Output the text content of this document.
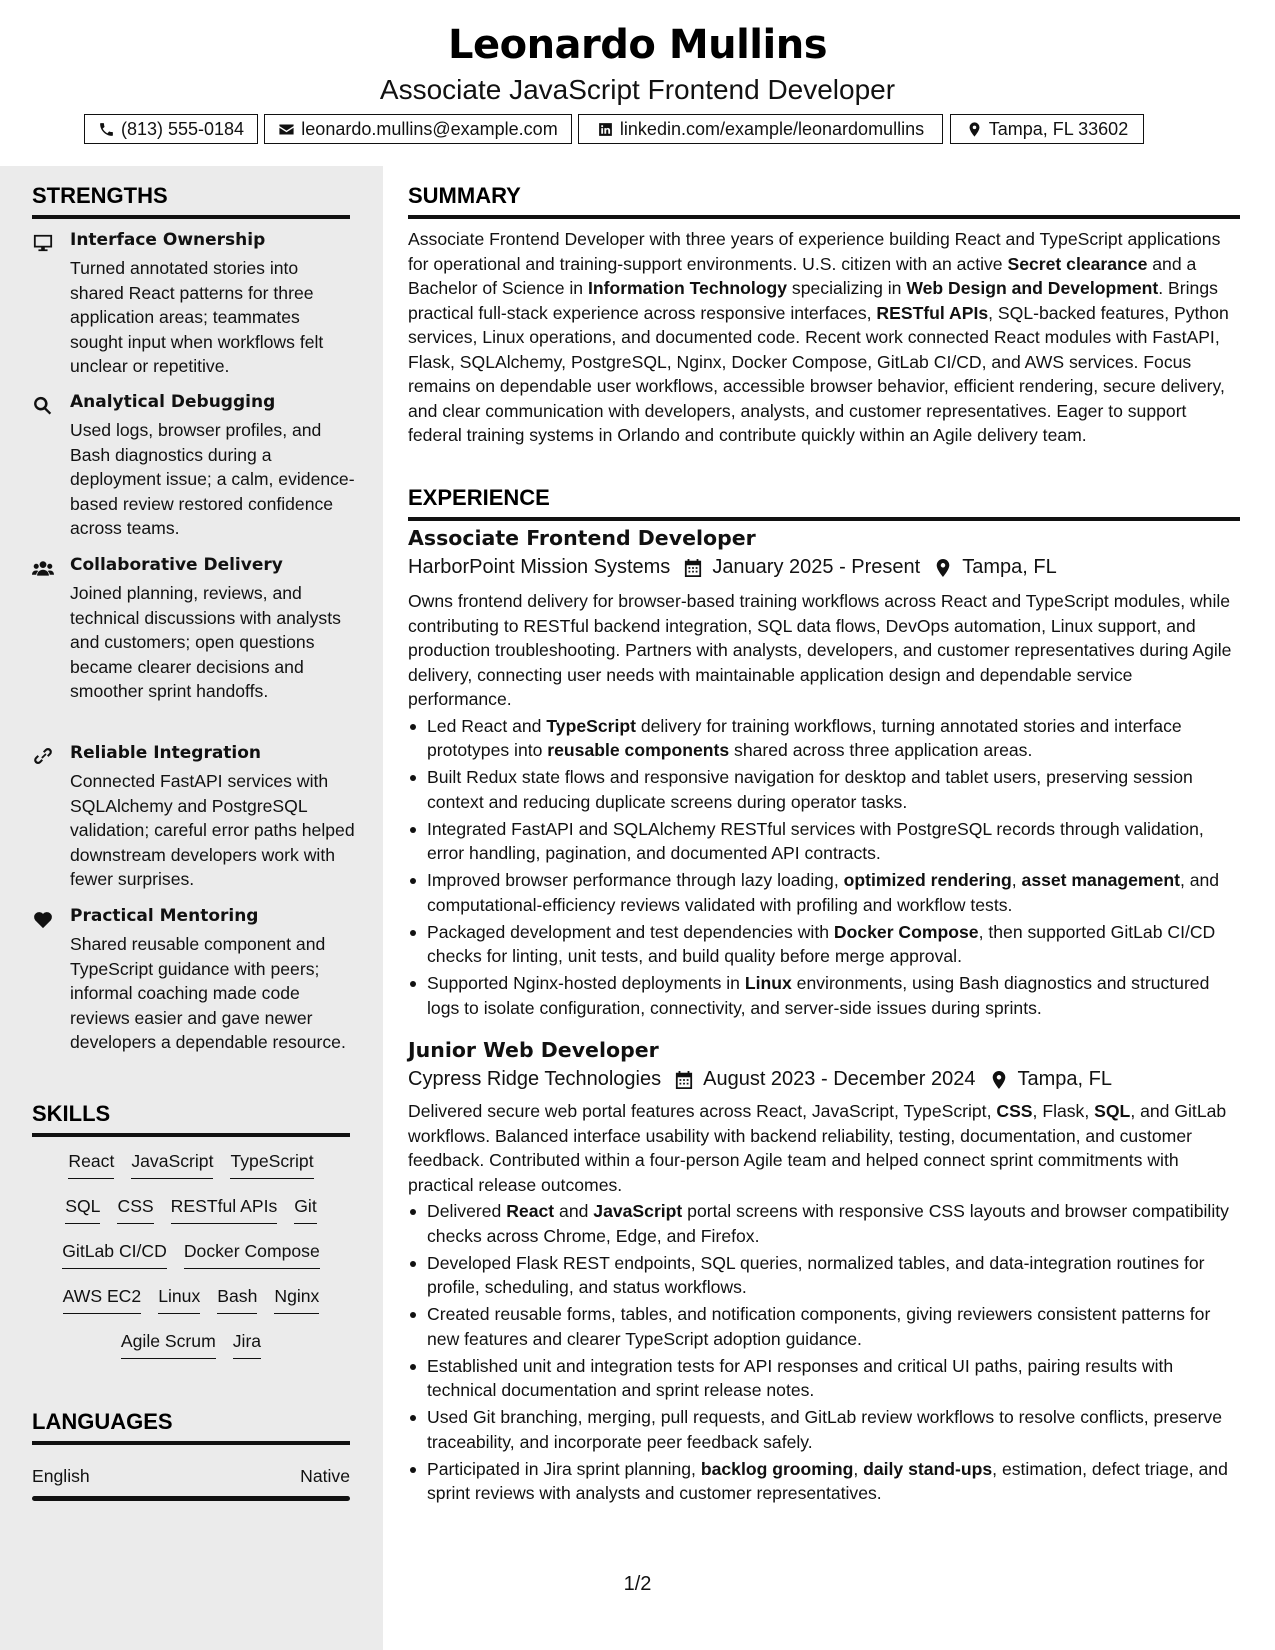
Leonardo Mullins
Associate JavaScript Frontend Developer
(813) 555-0184	leonardo.mullins@example.com	linkedin.com/example/leonardomullins	Tampa, FL 33602
STRENGTHS
Interface Ownership
Turned annotated stories into shared React patterns for three application areas; teammates sought input when workflows felt unclear or repetitive.
Analytical Debugging
Used logs, browser profiles, and Bash diagnostics during a deployment issue; a calm, evidence-based review restored confidence across teams.
Collaborative Delivery
Joined planning, reviews, and technical discussions with analysts and customers; open questions became clearer decisions and smoother sprint handoffs.
Reliable Integration
Connected FastAPI services with SQLAlchemy and PostgreSQL validation; careful error paths helped downstream developers work with fewer surprises.
Practical Mentoring
Shared reusable component and TypeScript guidance with peers; informal coaching made code reviews easier and gave newer developers a dependable resource.
SKILLS
React JavaScript TypeScript
SQL CSS RESTful APIs Git
GitLab CI/CD Docker Compose
AWS EC2 Linux Bash Nginx
Agile Scrum Jira
LANGUAGES
English	Native
SUMMARY

Associate Frontend Developer with three years of experience building React and TypeScript applications for operational and training-support environments. U.S. citizen with an active Secret clearance and a Bachelor of Science in Information Technology specializing in Web Design and Development. Brings practical full-stack experience across responsive interfaces, RESTful APIs, SQL-backed features, Python services, Linux operations, and documented code. Recent work connected React modules with FastAPI, Flask, SQLAlchemy, PostgreSQL, Nginx, Docker Compose, GitLab CI/CD, and AWS services. Focus remains on dependable user workflows, accessible browser behavior, efficient rendering, secure delivery, and clear communication with developers, analysts, and customer representatives. Eager to support federal training systems in Orlando and contribute quickly within an Agile delivery team.

EXPERIENCE
Associate Frontend Developer
HarborPoint Mission Systems January 2025 - Present Tampa, FL

Owns frontend delivery for browser-based training workflows across React and TypeScript modules, while contributing to RESTful backend integration, SQL data flows, DevOps automation, Linux support, and production troubleshooting. Partners with analysts, developers, and customer representatives during Agile delivery, connecting user needs with maintainable application design and dependable service performance.

Led React and TypeScript delivery for training workflows, turning annotated stories and interface prototypes into reusable components shared across three application areas.
Built Redux state flows and responsive navigation for desktop and tablet users, preserving session context and reducing duplicate screens during operator tasks.
Integrated FastAPI and SQLAlchemy RESTful services with PostgreSQL records through validation, error handling, pagination, and documented API contracts.
Improved browser performance through lazy loading, optimized rendering, asset management, and computational-efficiency reviews validated with profiling and workflow tests.
Packaged development and test dependencies with Docker Compose, then supported GitLab CI/CD checks for linting, unit tests, and build quality before merge approval.
Supported Nginx-hosted deployments in Linux environments, using Bash diagnostics and structured logs to isolate configuration, connectivity, and server-side issues during sprints.
Junior Web Developer
Cypress Ridge Technologies August 2023 - December 2024 Tampa, FL

Delivered secure web portal features across React, JavaScript, TypeScript, CSS, Flask, SQL, and GitLab workflows. Balanced interface usability with backend reliability, testing, documentation, and customer feedback. Contributed within a four-person Agile team and helped connect sprint commitments with practical release outcomes.

Delivered React and JavaScript portal screens with responsive CSS layouts and browser compatibility checks across Chrome, Edge, and Firefox.
Developed Flask REST endpoints, SQL queries, normalized tables, and data-integration routines for profile, scheduling, and status workflows.
Created reusable forms, tables, and notification components, giving reviewers consistent patterns for new features and clearer TypeScript adoption guidance.
Established unit and integration tests for API responses and critical UI paths, pairing results with technical documentation and sprint release notes.
Used Git branching, merging, pull requests, and GitLab review workflows to resolve conflicts, preserve traceability, and incorporate peer feedback safely.
Participated in Jira sprint planning, backlog grooming, daily stand-ups, estimation, defect triage, and sprint reviews with analysts and customer representatives.
1/2
